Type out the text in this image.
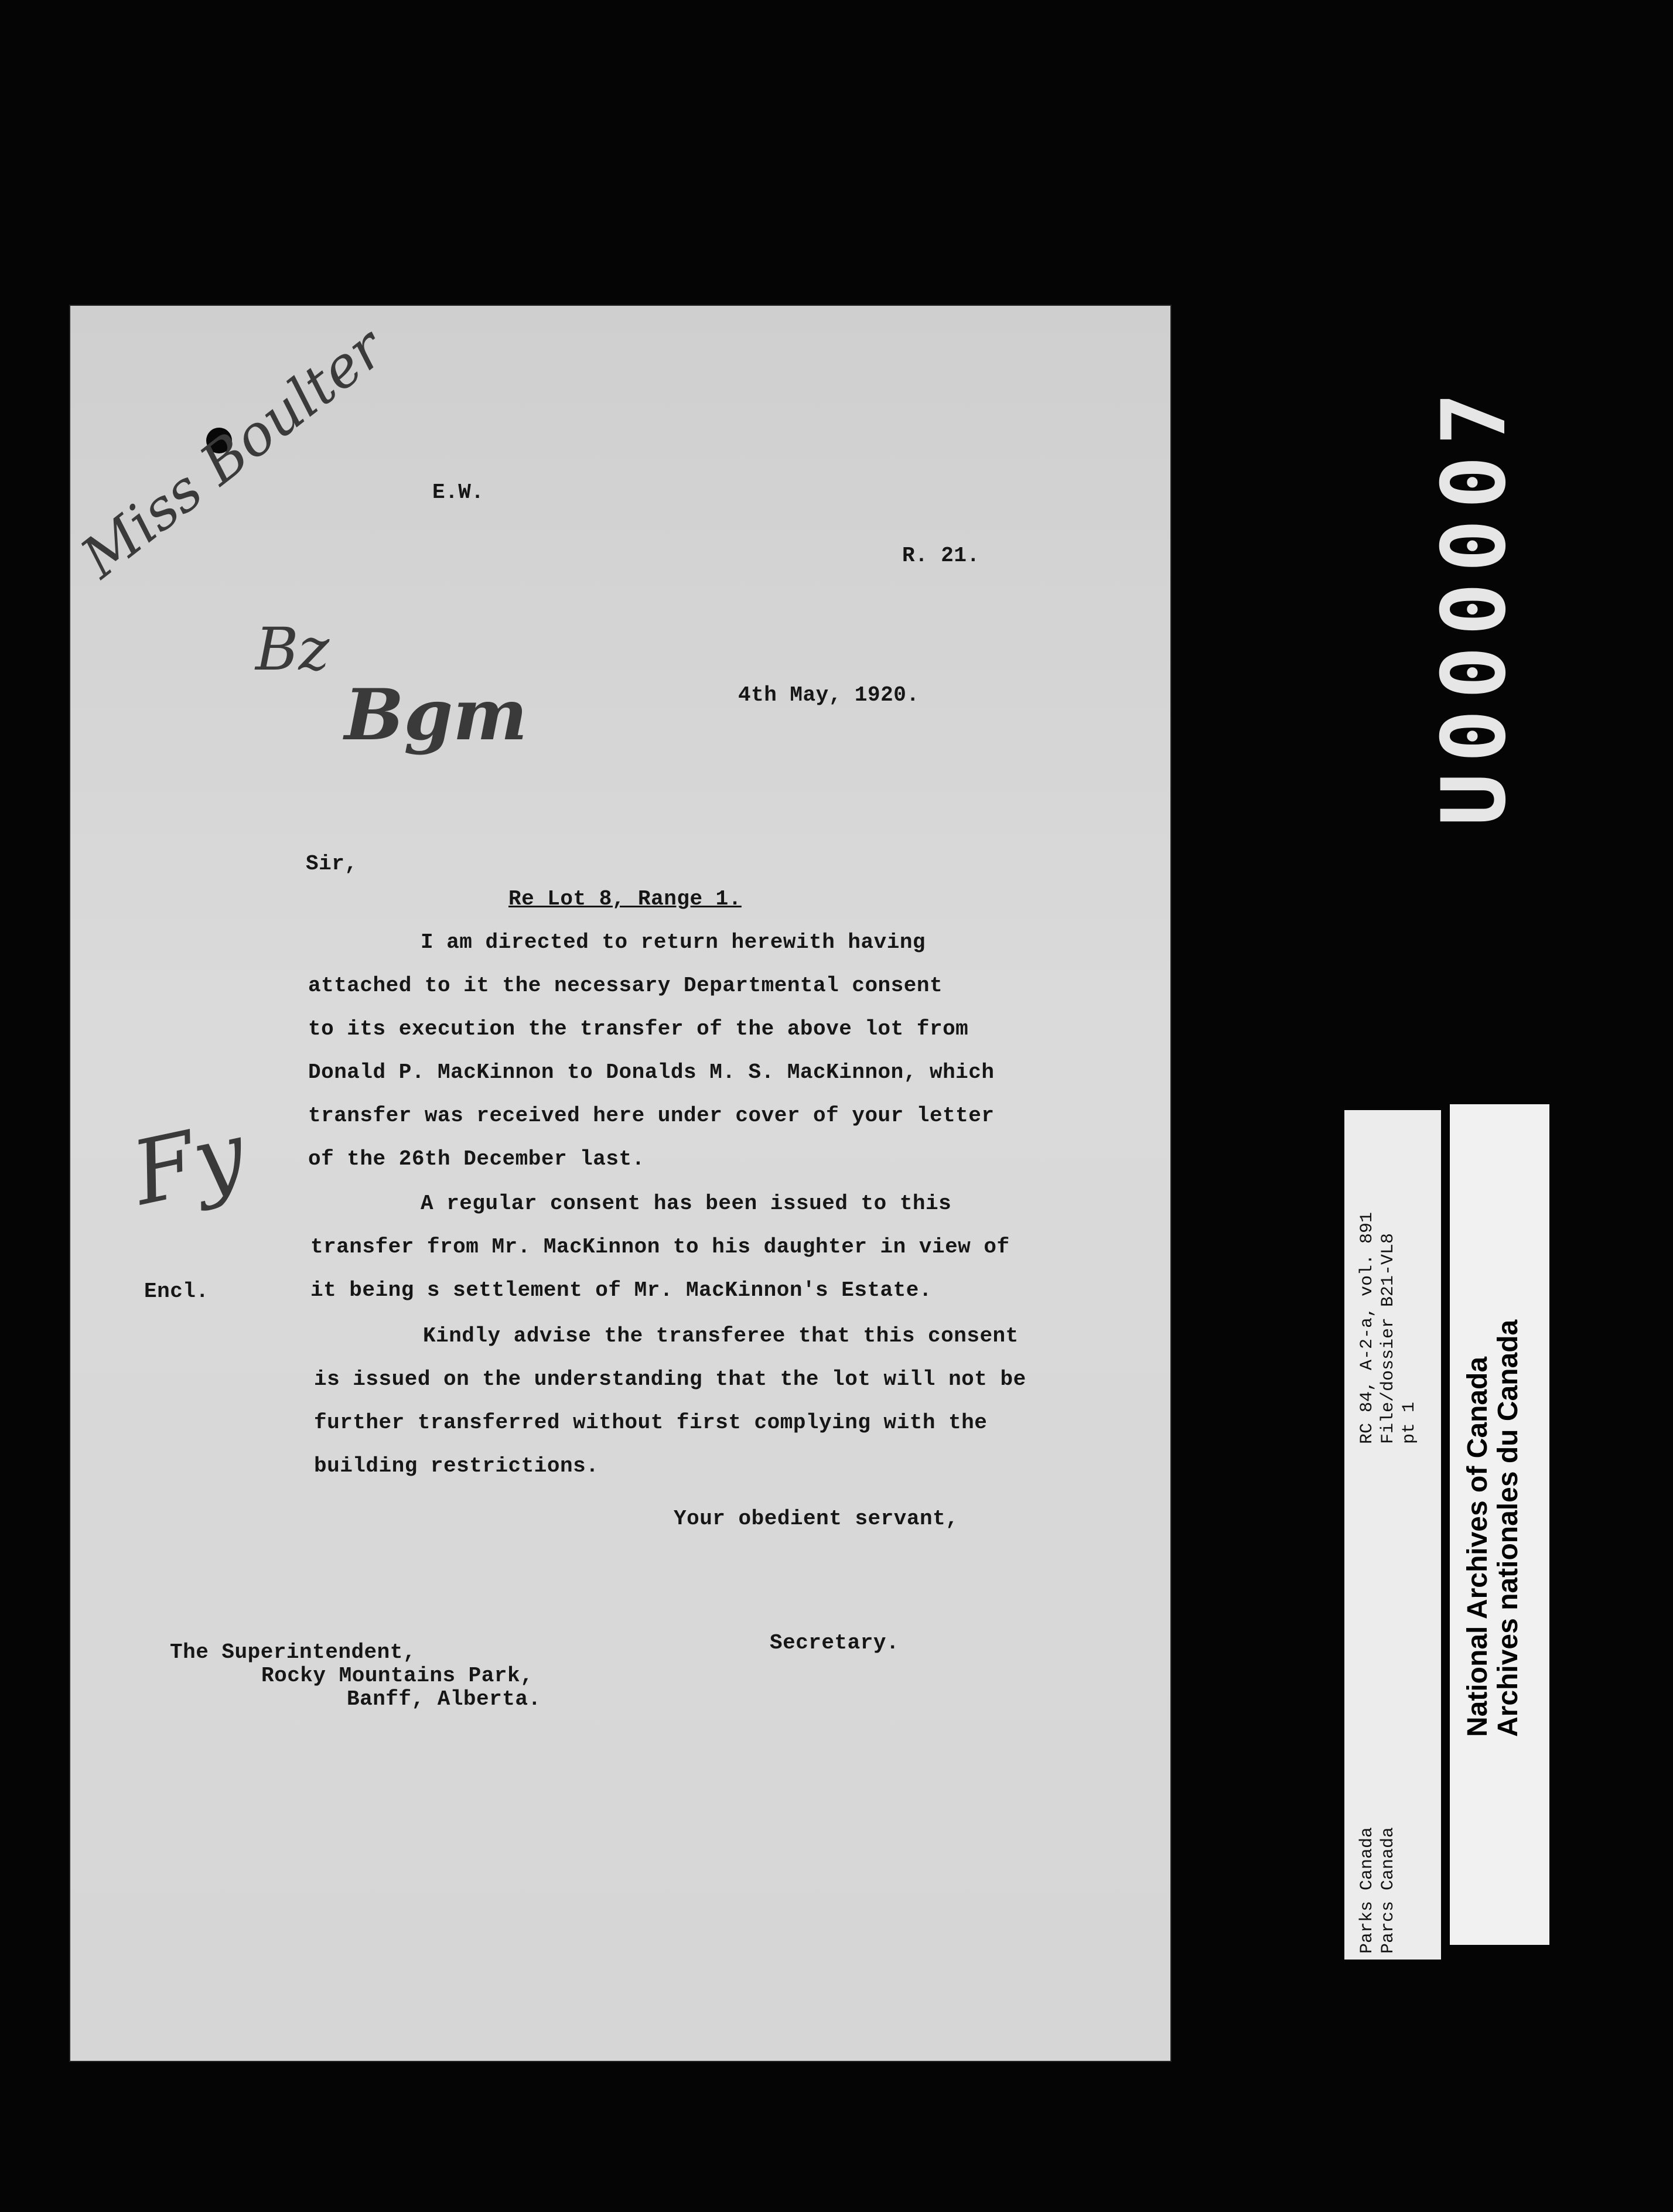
Miss Boulter
Bz
Bgm
Fy
E.W.
R. 21.
4th May, 1920.
Sir,
Re Lot 8, Range 1.
I am directed to return herewith having
attached to it the necessary Departmental consent
to its execution the transfer of the above lot from
Donald P. MacKinnon to Donalds M. S. MacKinnon, which
transfer was received here under cover of your letter
of the 26th December last.
A regular consent has been issued to this
transfer from Mr. MacKinnon to his daughter in view of
it being s settlement of Mr. MacKinnon's Estate.
Encl.
Kindly advise the transferee that this consent
is issued on the understanding that the lot will not be
further transferred without first complying with the
building restrictions.
Your obedient servant,
Secretary.
The Superintendent,
Rocky Mountains Park,
Banff, Alberta.
U000007
Parks Canada Parcs Canada
RC 84, A-2-a, vol. 891 File/dossier B21-VL8 pt 1 National Archives of Canada Archives nationales du Canada
